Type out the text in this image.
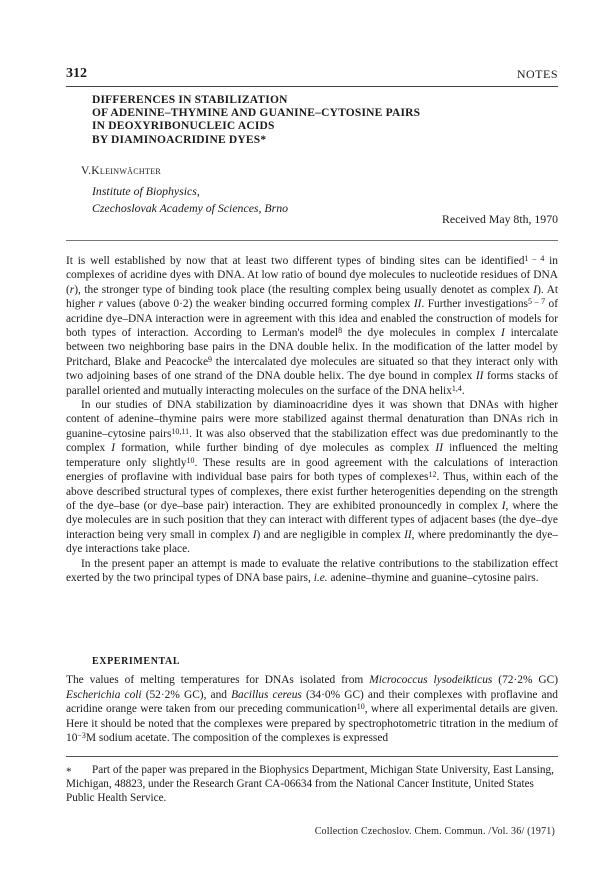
312	NOTES
DIFFERENCES IN STABILIZATION
OF ADENINE–THYMINE AND GUANINE–CYTOSINE PAIRS
IN DEOXYRIBONUCLEIC ACIDS
BY DIAMINOACRIDINE DYES*
V.Kleinwächter
Institute of Biophysics,
Czechoslovak Academy of Sciences, Brno
Received May 8th, 1970

It is well established by now that at least two different types of binding sites can be identified$^{1 - 4}$ in complexes of acridine dyes with DNA. At low ratio of bound dye molecules to nucleotide residues of DNA (r), the stronger type of binding took place (the resulting complex being usually denotet as complex I). At higher r values (above 0·2) the weaker binding occurred forming complex II. Further investigations$^{5 - 7}$ of acridine dye–DNA interaction were in agreement with this idea and enabled the construction of models for both types of interaction. According to Lerman's model$^8$ the dye molecules in complex I intercalate between two neighboring base pairs in the DNA double helix. In the modification of the latter model by Pritchard, Blake and Peacocke$^9$ the intercalated dye molecules are situated so that they interact only with two adjoining bases of one strand of the DNA double helix. The dye bound in complex II forms stacks of parallel oriented and mutually interacting molecules on the surface of the DNA helix$^{1,4}$.

In our studies of DNA stabilization by diaminoacridine dyes it was shown that DNAs with higher content of adenine–thymine pairs were more stabilized against thermal denaturation than DNAs rich in guanine–cytosine pairs$^{10,11}$. It was also observed that the stabilization effect was due predominantly to the complex I formation, while further binding of dye molecules as complex II influenced the melting temperature only slightly$^{10}$. These results are in good agreement with the calculations of interaction energies of proflavine with individual base pairs for both types of complexes$^{12}$. Thus, within each of the above described structural types of complexes, there exist further heterogenities depending on the strength of the dye–base (or dye–base pair) interaction. They are exhibited pronouncedly in complex I, where the dye molecules are in such position that they can interact with different types of adjacent bases (the dye–dye interaction being very small in complex I) and are negligible in complex II, where predominantly the dye–dye interactions take place.

In the present paper an attempt is made to evaluate the relative contributions to the stabilization effect exerted by the two principal types of DNA base pairs, i.e. adenine–thymine and guanine–cytosine pairs.

EXPERIMENTAL

The values of melting temperatures for DNAs isolated from Micrococcus lysodeikticus (72·2% GC) Escherichia coli (52·2% GC), and Bacillus cereus (34·0% GC) and their complexes with proflavine and acridine orange were taken from our preceding communication$^{10}$, where all experimental details are given. Here it should be noted that the complexes were prepared by spectrophotometric titration in the medium of 10$^{-3}$M sodium acetate. The composition of the complexes is expressed

*	Part of the paper was prepared in the Biophysics Department, Michigan State University, East Lansing, Michigan, 48823, under the Research Grant CA-06634 from the National Cancer Institute, United States Public Health Service.
Collection Czechoslov. Chem. Commun. /Vol. 36/ (1971)
